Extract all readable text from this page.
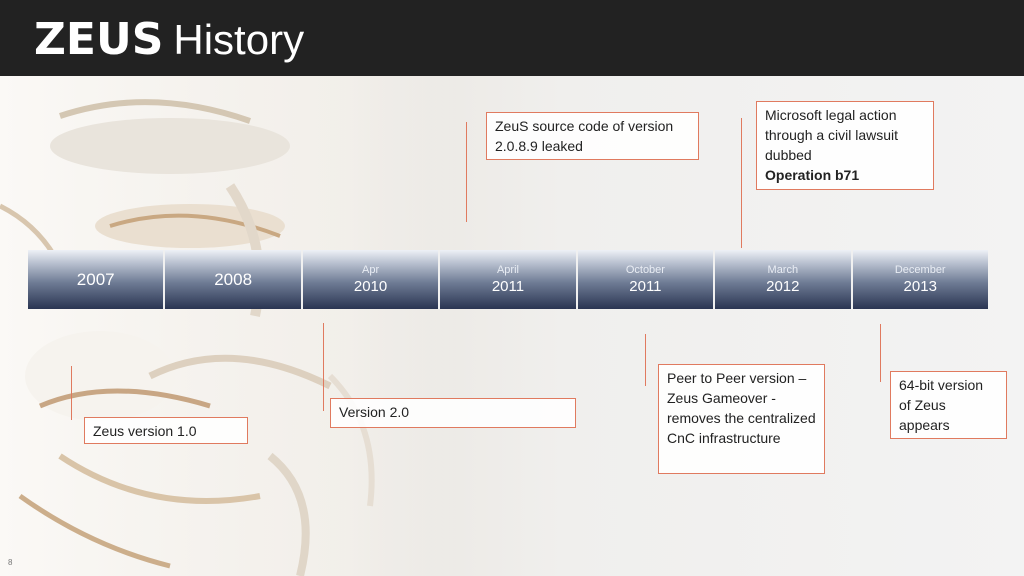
ZEUS History
2007	2008
Apr
2010
April
2011
October
2011
March
2012
December
2013
ZeuS source code of version 2.0.8.9 leaked
Microsoft legal action through a civil lawsuit dubbed
Operation b71
Zeus version 1.0
Version 2.0
Peer to Peer version – Zeus Gameover - removes the centralized CnC infrastructure
64-bit version of Zeus appears
8
